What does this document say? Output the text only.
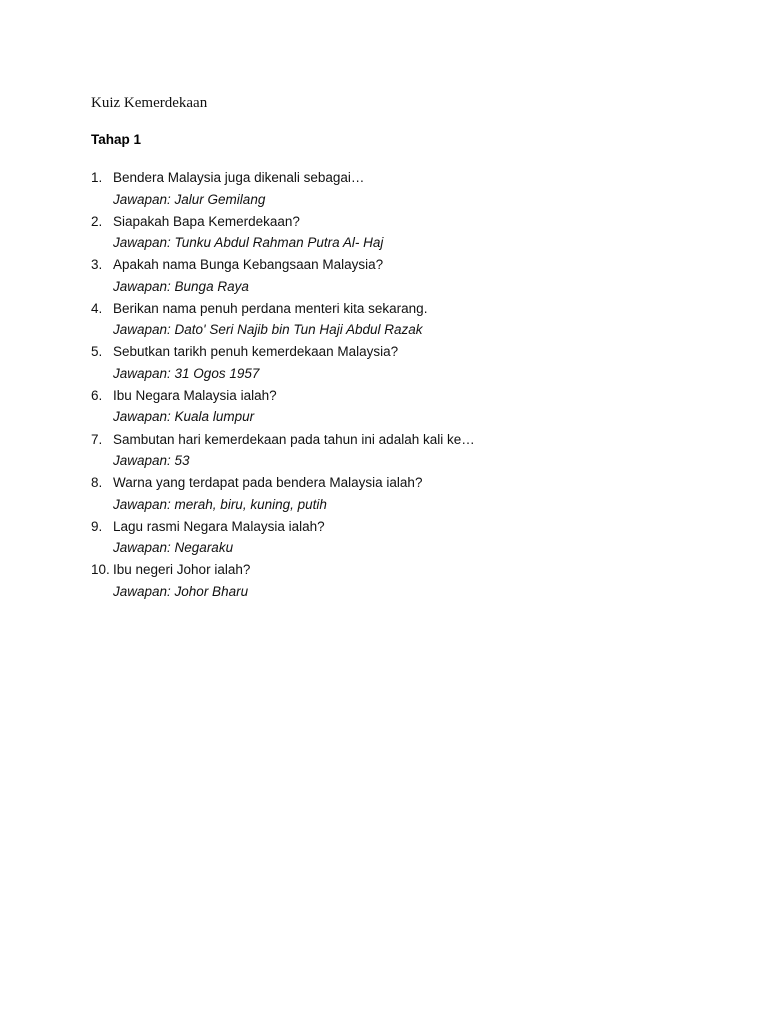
Kuiz Kemerdekaan
Tahap 1
1. Bendera Malaysia juga dikenali sebagai…
Jawapan: Jalur Gemilang
2. Siapakah Bapa Kemerdekaan?
Jawapan: Tunku Abdul Rahman Putra Al- Haj
3. Apakah nama Bunga Kebangsaan Malaysia?
Jawapan: Bunga Raya
4. Berikan nama penuh perdana menteri kita sekarang.
Jawapan: Dato' Seri Najib bin Tun Haji Abdul Razak
5. Sebutkan tarikh penuh kemerdekaan Malaysia?
Jawapan: 31 Ogos 1957
6. Ibu Negara Malaysia ialah?
Jawapan: Kuala lumpur
7. Sambutan hari kemerdekaan pada tahun ini adalah kali ke…
Jawapan: 53
8. Warna yang terdapat pada bendera Malaysia ialah?
Jawapan: merah, biru, kuning, putih
9. Lagu rasmi Negara Malaysia ialah?
Jawapan: Negaraku
10. Ibu negeri Johor ialah?
Jawapan: Johor Bharu
